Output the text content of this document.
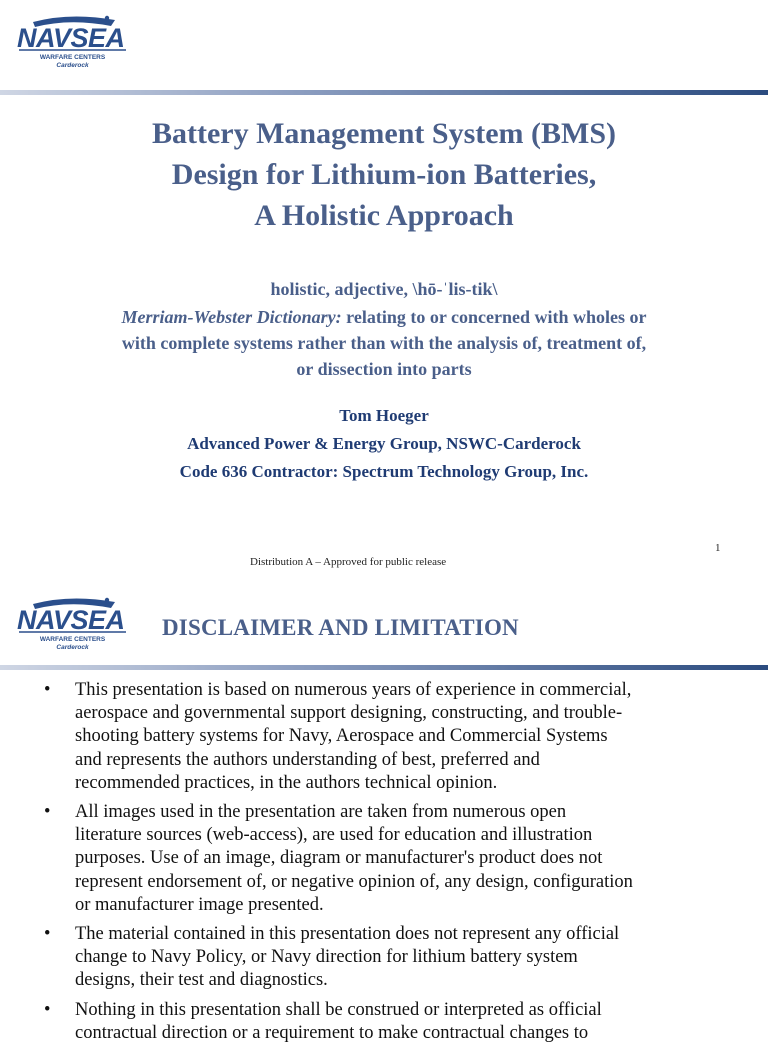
NAVSEA
WARFARE CENTERS
Carderock
Battery Management System (BMS)
Design for Lithium-ion Batteries,
A Holistic Approach
holistic, adjective, \hō-ˈlis-tik\
Merriam-Webster Dictionary: relating to or concerned with wholes or
with complete systems rather than with the analysis of, treatment of,
or dissection into parts
Tom Hoeger
Advanced Power & Energy Group, NSWC-Carderock
Code 636 Contractor: Spectrum Technology Group, Inc.
1
Distribution A – Approved for public release
NAVSEA
WARFARE CENTERS
Carderock
DISCLAIMER AND LIMITATION
• This presentation is based on numerous years of experience in commercial,
aerospace and governmental support designing, constructing, and trouble-
shooting battery systems for Navy, Aerospace and Commercial Systems
and represents the authors understanding of best, preferred and
recommended practices, in the authors technical opinion.
• All images used in the presentation are taken from numerous open
literature sources (web-access), are used for education and illustration
purposes. Use of an image, diagram or manufacturer's product does not
represent endorsement of, or negative opinion of, any design, configuration
or manufacturer image presented.
• The material contained in this presentation does not represent any official
change to Navy Policy, or Navy direction for lithium battery system
designs, their test and diagnostics.
• Nothing in this presentation shall be construed or interpreted as official
contractual direction or a requirement to make contractual changes to
